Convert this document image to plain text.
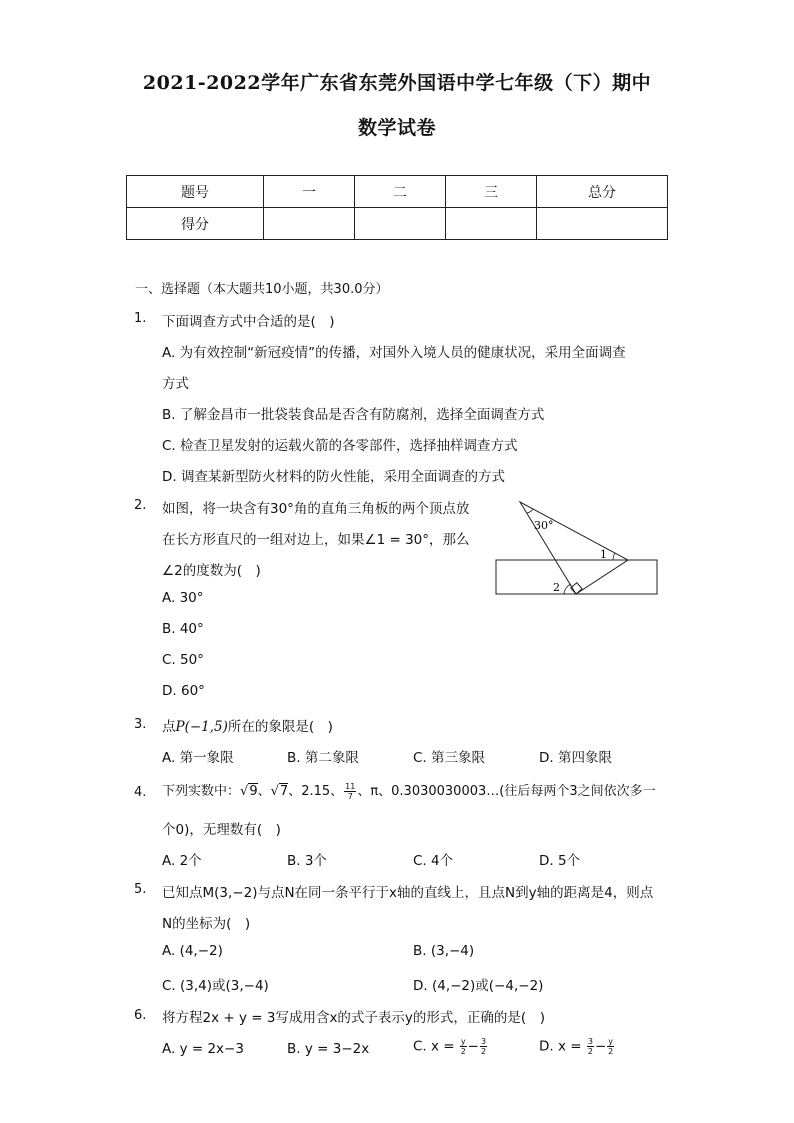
2021-2022学年广东省东莞外国语中学七年级（下）期中
数学试卷
题号	一	二	三	总分
得分				
一、选择题（本大题共10小题，共30.0分）
1. 下面调查方式中合适的是(　)
A. 为有效控制“新冠疫情”的传播，对国外入境人员的健康状况，采用全面调查
方式
B. 了解金昌市一批袋装食品是否含有防腐剂，选择全面调查方式
C. 检查卫星发射的运载火箭的各零部件，选择抽样调查方式
D. 调查某新型防火材料的防火性能，采用全面调查的方式
2. 如图，将一块含有30°角的直角三角板的两个顶点放
在长方形直尺的一组对边上，如果∠1 = 30°，那么
∠2的度数为(　)
A. 30°
B. 40°
C. 50°
D. 60°
30°
1
2
3. 点P(−1,5)所在的象限是(　)
A. 第一象限	B. 第二象限	C. 第三象限	D. 第四象限
4. 下列实数中：√9、√7、2.15、 $\frac{11}{7}$ 、π、0.3030030003…(往后每两个3之间依次多一
个0)，无理数有(　)
A. 2个	B. 3个	C. 4个	D. 5个
5. 已知点M(3,−2)与点N在同一条平行于x轴的直线上，且点N到y轴的距离是4，则点
N的坐标为(　)
A. (4,−2)	B. (3,−4)
C. (3,4)或(3,−4)	D. (4,−2)或(−4,−2)
6. 将方程2x + y = 3写成用含x的式子表示y的形式，正确的是(　)
A. y = 2x−3	B. y = 3−2x	C. $x = \frac{y}{2} - \frac{3}{2}$	D. $x = \frac{3}{2} - \frac{y}{2}$
